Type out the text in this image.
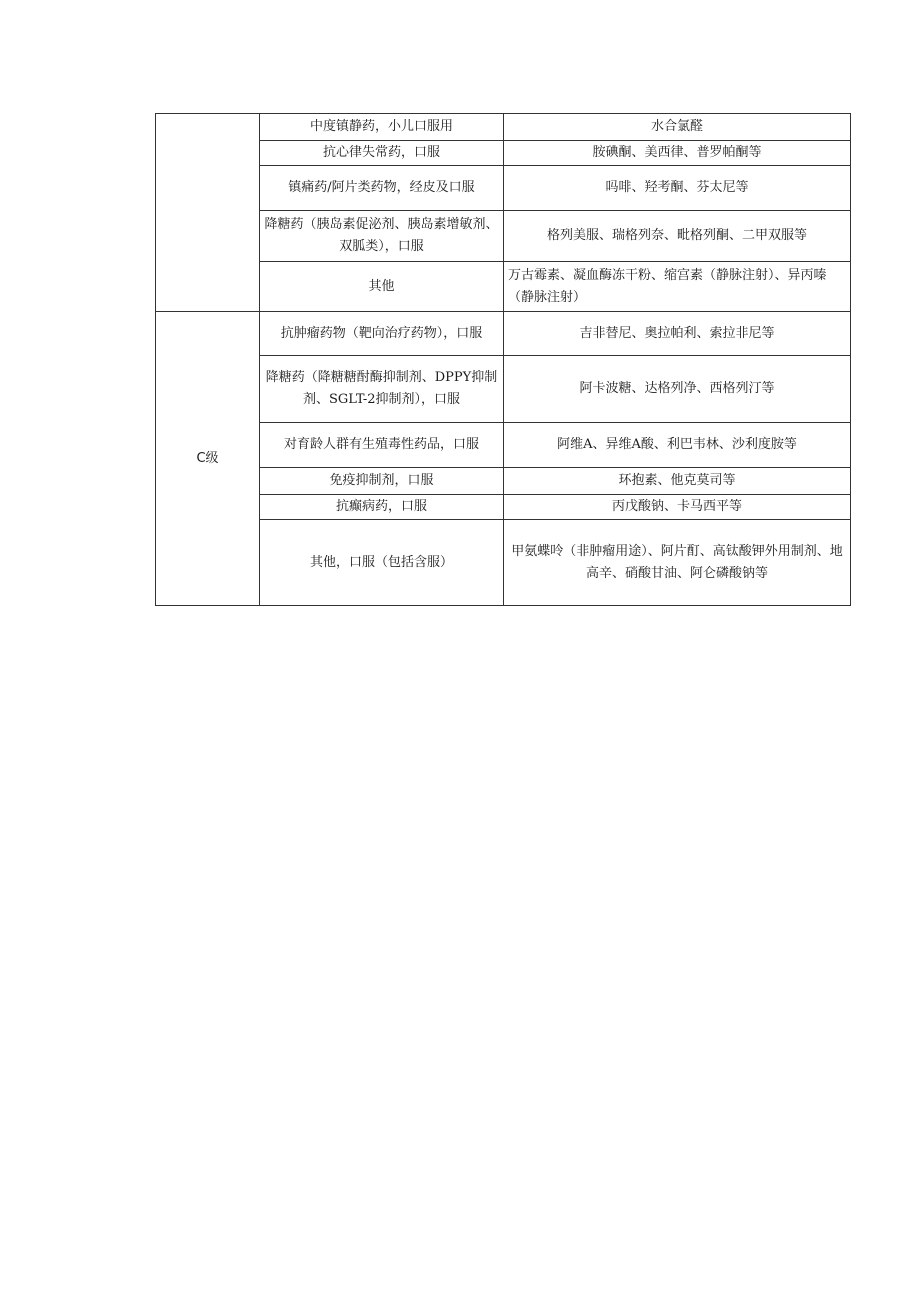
	中度镇静药，小儿口服用	水合氯醛
	抗心律失常药，口服	胺碘酮、美西律、普罗帕酮等
	镇痛药/阿片类药物，经皮及口服	吗啡、羟考酮、芬太尼等
	降糖药（胰岛素促泌剂、胰岛素增敏剂、双胍类），口服	格列美服、瑞格列奈、毗格列酮、二甲双服等
	其他	万古霉素、凝血酶冻干粉、缩宫素（静脉注射）、异丙嗪（静脉注射）
C级	抗肿瘤药物（靶向治疗药物），口服	吉非替尼、奥拉帕利、索拉非尼等
	降糖药（降糖糖酎酶抑制剂、DPPY抑制剂、SGLT-2抑制剂），口服	阿卡波糖、达格列净、西格列汀等
	对育龄人群有生殖毒性药品，口服	阿维A、异维A酸、利巴韦林、沙利度胺等
	免疫抑制剂，口服	环抱素、他克莫司等
	抗癫病药，口服	丙戊酸钠、卡马西平等
	其他，口服（包括含服）	甲氨蝶呤（非肿瘤用途）、阿片酊、高钛酸钾外用制剂、地高辛、硝酸甘油、阿仑磷酸钠等
